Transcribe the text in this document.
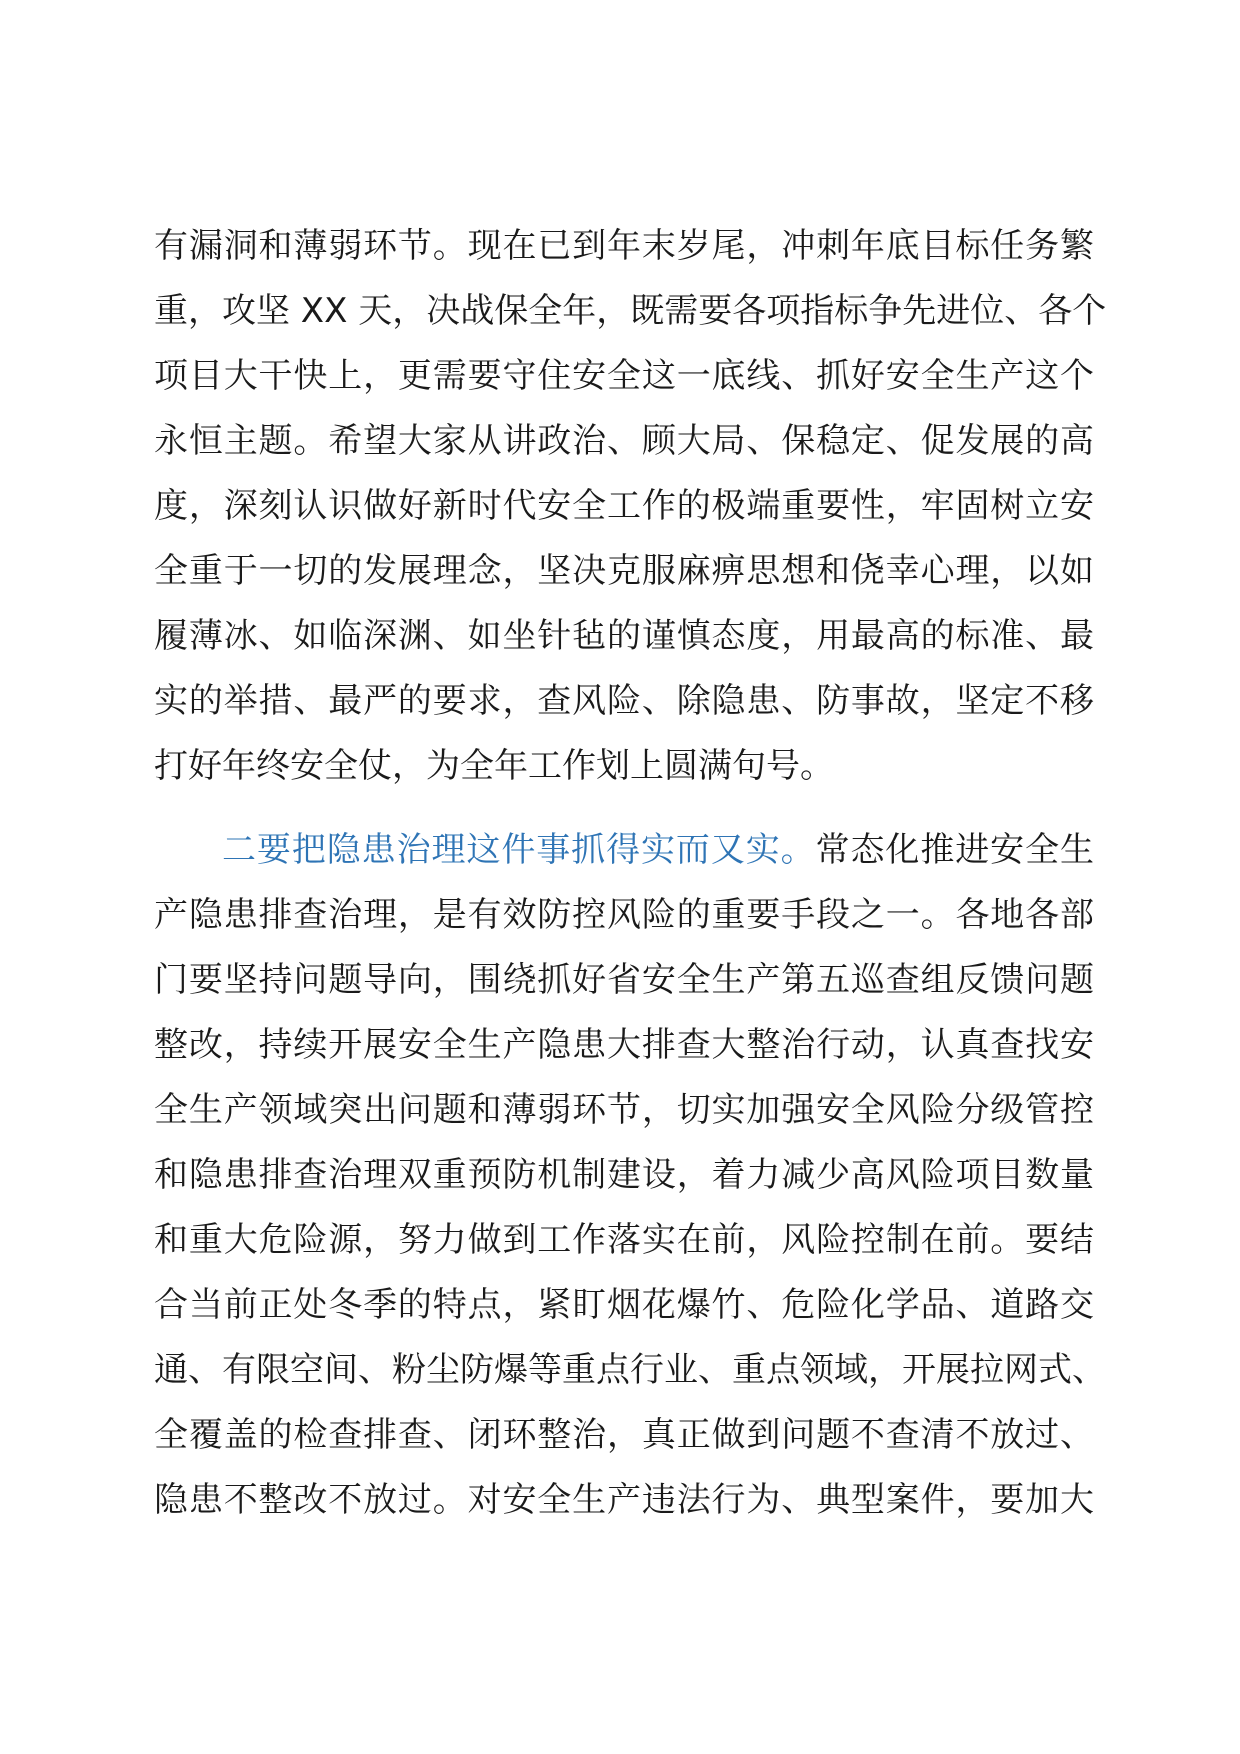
有漏洞和薄弱环节。现在已到年末岁尾，冲刺年底目标任务繁
重，攻坚 XX 天，决战保全年，既需要各项指标争先进位、各个
项目大干快上，更需要守住安全这一底线、抓好安全生产这个
永恒主题。希望大家从讲政治、顾大局、保稳定、促发展的高
度，深刻认识做好新时代安全工作的极端重要性，牢固树立安
全重于一切的发展理念，坚决克服麻痹思想和侥幸心理，以如
履薄冰、如临深渊、如坐针毡的谨慎态度，用最高的标准、最
实的举措、最严的要求，查风险、除隐患、防事故，坚定不移
打好年终安全仗，为全年工作划上圆满句号。
二要把隐患治理这件事抓得实而又实。常态化推进安全生
产隐患排查治理，是有效防控风险的重要手段之一。各地各部
门要坚持问题导向，围绕抓好省安全生产第五巡查组反馈问题
整改，持续开展安全生产隐患大排查大整治行动，认真查找安
全生产领域突出问题和薄弱环节，切实加强安全风险分级管控
和隐患排查治理双重预防机制建设，着力减少高风险项目数量
和重大危险源，努力做到工作落实在前，风险控制在前。要结
合当前正处冬季的特点，紧盯烟花爆竹、危险化学品、道路交
通、有限空间、粉尘防爆等重点行业、重点领域，开展拉网式、
全覆盖的检查排查、闭环整治，真正做到问题不查清不放过、
隐患不整改不放过。对安全生产违法行为、典型案件，要加大
